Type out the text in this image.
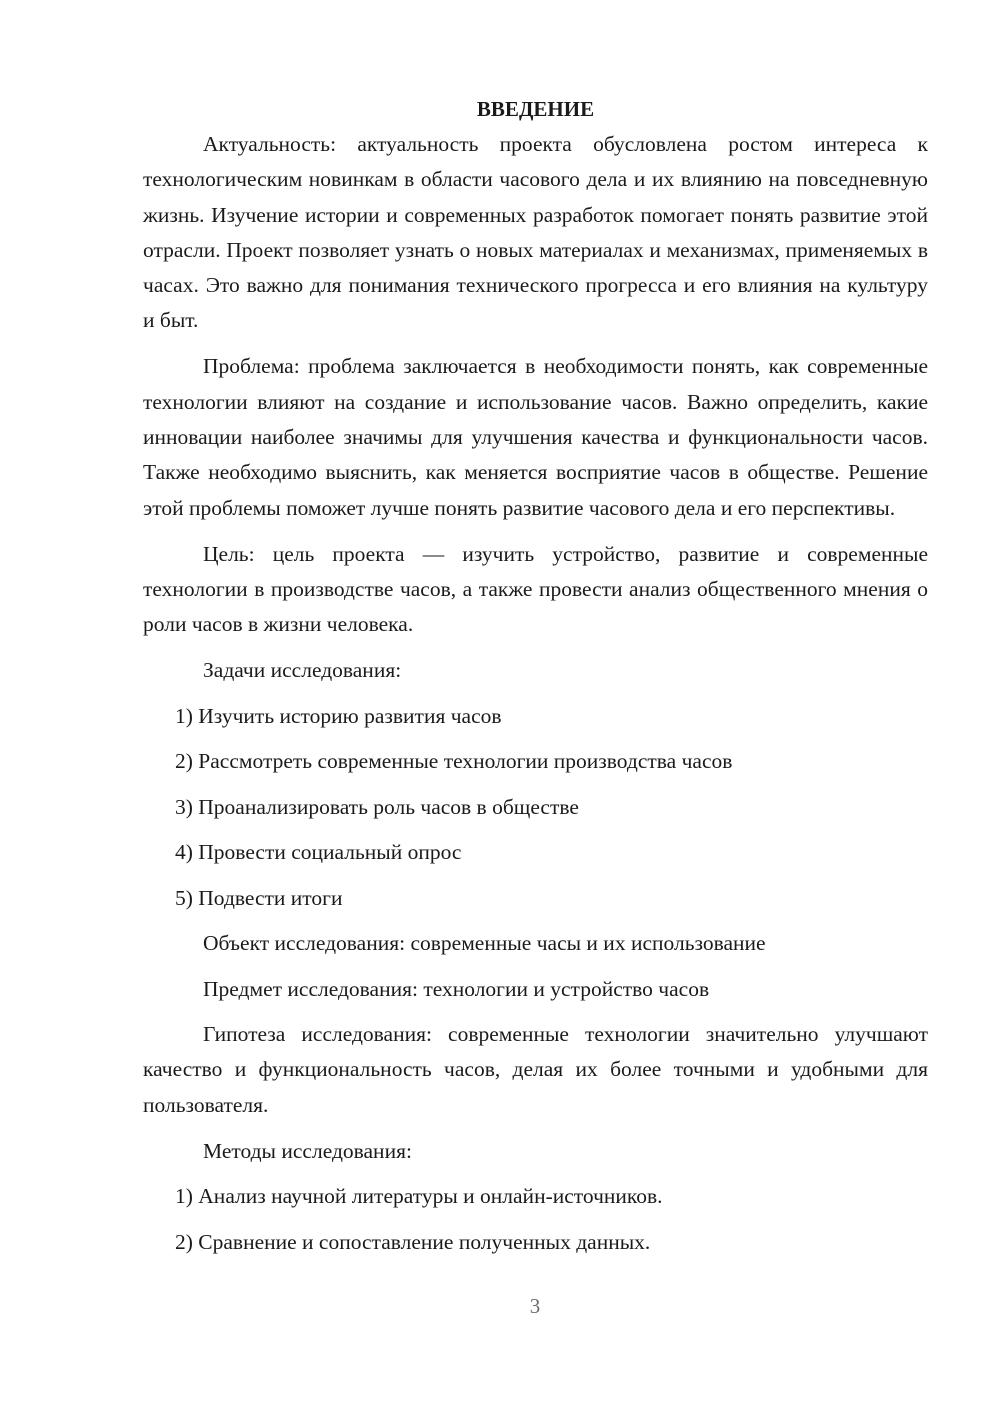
ВВЕДЕНИЕ

Актуальность: актуальность проекта обусловлена ростом интереса к технологическим новинкам в области часового дела и их влиянию на повседневную жизнь. Изучение истории и современных разработок помогает понять развитие этой отрасли. Проект позволяет узнать о новых материалах и механизмах, применяемых в часах. Это важно для понимания технического прогресса и его влияния на культуру и быт.

Проблема: проблема заключается в необходимости понять, как современные технологии влияют на создание и использование часов. Важно определить, какие инновации наиболее значимы для улучшения качества и функциональности часов. Также необходимо выяснить, как меняется восприятие часов в обществе. Решение этой проблемы поможет лучше понять развитие часового дела и его перспективы.

Цель: цель проекта — изучить устройство, развитие и современные технологии в производстве часов, а также провести анализ общественного мнения о роли часов в жизни человека.

Задачи исследования:
1) Изучить историю развития часов
2) Рассмотреть современные технологии производства часов
3) Проанализировать роль часов в обществе
4) Провести социальный опрос
5) Подвести итоги
Объект исследования: современные часы и их использование
Предмет исследования: технологии и устройство часов

Гипотеза исследования: современные технологии значительно улучшают качество и функциональность часов, делая их более точными и удобными для пользователя.

Методы исследования:
1) Анализ научной литературы и онлайн-источников.
2) Сравнение и сопоставление полученных данных.
3
